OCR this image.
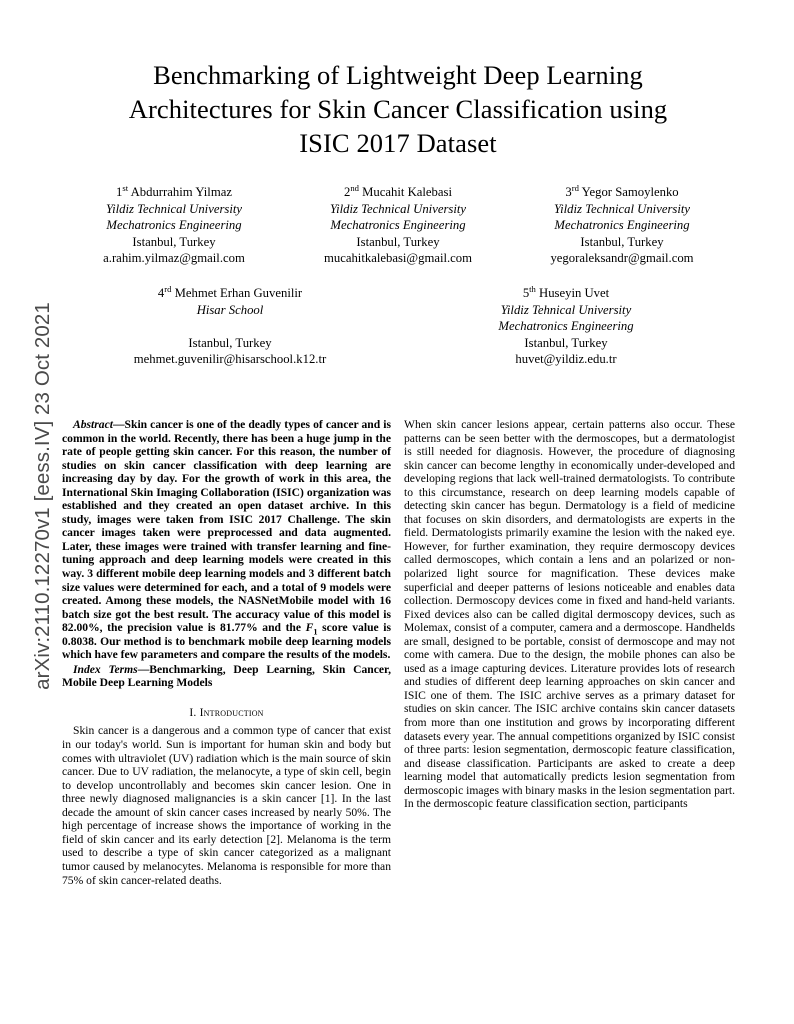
arXiv:2110.12270v1 [eess.IV] 23 Oct 2021
Benchmarking of Lightweight Deep Learning
Architectures for Skin Cancer Classification using
ISIC 2017 Dataset
1st Abdurrahim Yilmaz
Yildiz Technical University
Mechatronics Engineering
Istanbul, Turkey
a.rahim.yilmaz@gmail.com
2nd Mucahit Kalebasi
Yildiz Technical University
Mechatronics Engineering
Istanbul, Turkey
mucahitkalebasi@gmail.com
3rd Yegor Samoylenko
Yildiz Technical University
Mechatronics Engineering
Istanbul, Turkey
yegoraleksandr@gmail.com
4rd Mehmet Erhan Guvenilir
Hisar School
Istanbul, Turkey
mehmet.guvenilir@hisarschool.k12.tr
5th Huseyin Uvet
Yildiz Tehnical University
Mechatronics Engineering
Istanbul, Turkey
huvet@yildiz.edu.tr

Abstract—Skin cancer is one of the deadly types of cancer and is common in the world. Recently, there has been a huge jump in the rate of people getting skin cancer. For this reason, the number of studies on skin cancer classification with deep learning are increasing day by day. For the growth of work in this area, the International Skin Imaging Collaboration (ISIC) organization was established and they created an open dataset archive. In this study, images were taken from ISIC 2017 Challenge. The skin cancer images taken were preprocessed and data augmented. Later, these images were trained with transfer learning and fine-tuning approach and deep learning models were created in this way. 3 different mobile deep learning models and 3 different batch size values were determined for each, and a total of 9 models were created. Among these models, the NASNetMobile model with 16 batch size got the best result. The accuracy value of this model is 82.00%, the precision value is 81.77% and the $F_1$ score value is 0.8038. Our method is to benchmark mobile deep learning models which have few parameters and compare the results of the models.

Index Terms—Benchmarking, Deep Learning, Skin Cancer, Mobile Deep Learning Models

I. Introduction

Skin cancer is a dangerous and a common type of cancer that exist in our today's world. Sun is important for human skin and body but comes with ultraviolet (UV) radiation which is the main source of skin cancer. Due to UV radiation, the melanocyte, a type of skin cell, begin to develop uncontrollably and becomes skin cancer lesion. One in three newly diagnosed malignancies is a skin cancer [1]. In the last decade the amount of skin cancer cases increased by nearly 50%. The high percentage of increase shows the importance of working in the field of skin cancer and its early detection [2]. Melanoma is the term used to describe a type of skin cancer categorized as a malignant tumor caused by melanocytes. Melanoma is responsible for more than 75% of skin cancer-related deaths.

When skin cancer lesions appear, certain patterns also occur. These patterns can be seen better with the dermoscopes, but a dermatologist is still needed for diagnosis. However, the procedure of diagnosing skin cancer can become lengthy in economically under-developed and developing regions that lack well-trained dermatologists. To contribute to this circumstance, research on deep learning models capable of detecting skin cancer has begun. Dermatology is a field of medicine that focuses on skin disorders, and dermatologists are experts in the field. Dermatologists primarily examine the lesion with the naked eye. However, for further examination, they require dermoscopy devices called dermoscopes, which contain a lens and an polarized or non-polarized light source for magnification. These devices make superficial and deeper patterns of lesions noticeable and enables data collection. Dermoscopy devices come in fixed and hand-held variants. Fixed devices also can be called digital dermoscopy devices, such as Molemax, consist of a computer, camera and a dermoscope. Handhelds are small, designed to be portable, consist of dermoscope and may not come with camera. Due to the design, the mobile phones can also be used as a image capturing devices. Literature provides lots of research and studies of different deep learning approaches on skin cancer and ISIC one of them. The ISIC archive serves as a primary dataset for studies on skin cancer. The ISIC archive contains skin cancer datasets from more than one institution and grows by incorporating different datasets every year. The annual competitions organized by ISIC consist of three parts: lesion segmentation, dermoscopic feature classification, and disease classification. Participants are asked to create a deep learning model that automatically predicts lesion segmentation from dermoscopic images with binary masks in the lesion segmentation part. In the dermoscopic feature classification section, participants
